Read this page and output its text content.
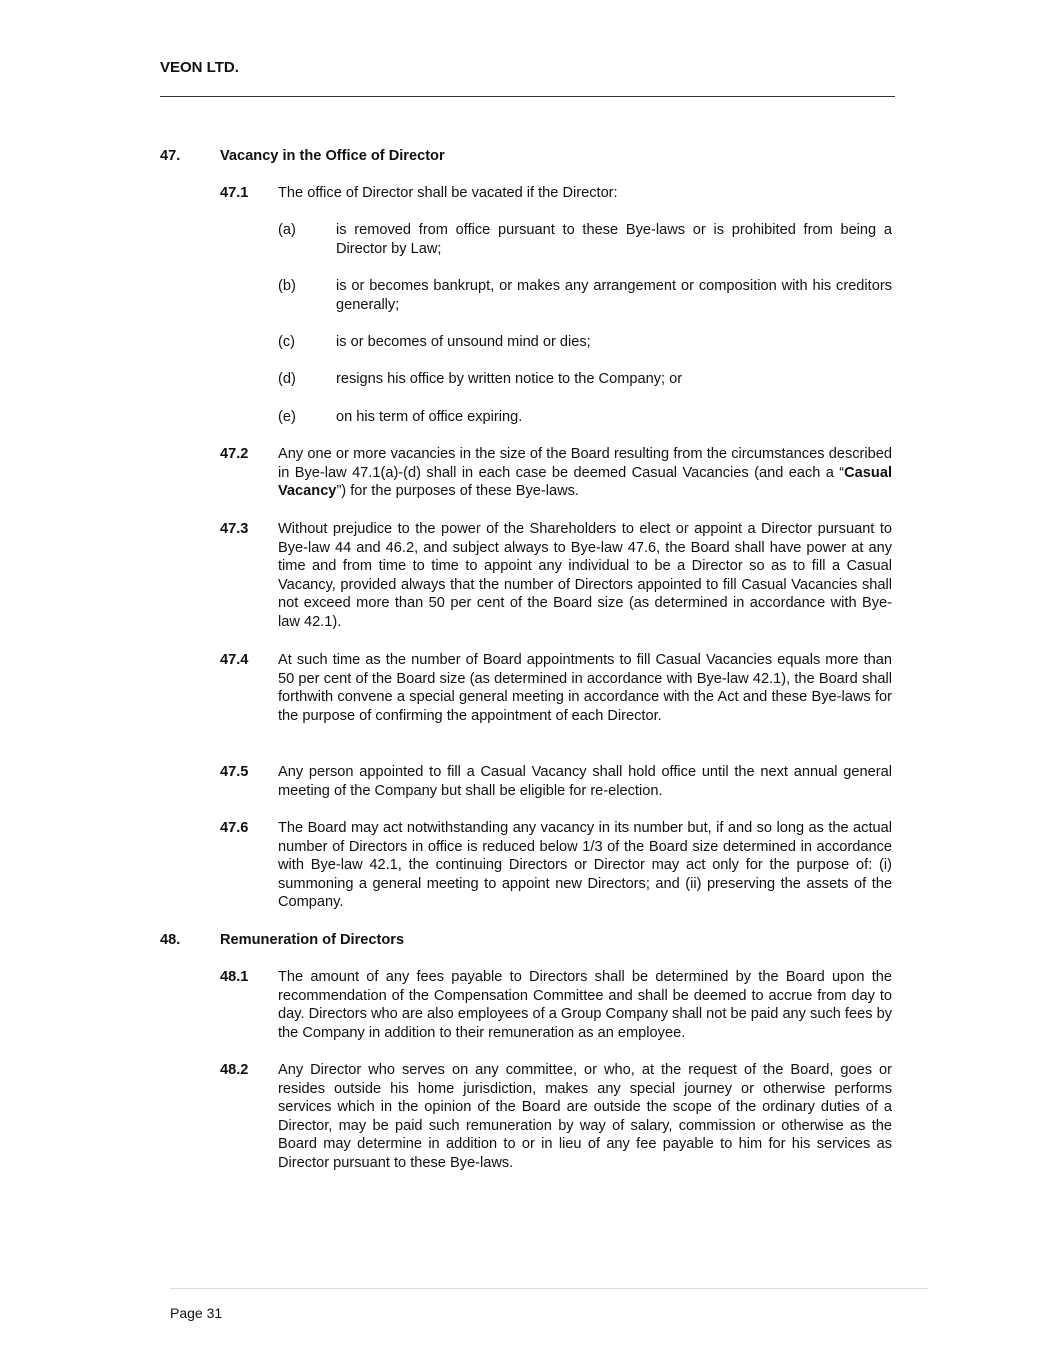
VEON LTD.
47.	Vacancy in the Office of Director
47.1 The office of Director shall be vacated if the Director:
(a)	is removed from office pursuant to these Bye-laws or is prohibited from being a Director by Law;
(b)	is or becomes bankrupt, or makes any arrangement or composition with his creditors generally;
(c)	is or becomes of unsound mind or dies;
(d)	resigns his office by written notice to the Company; or
(e)	on his term of office expiring.
47.2 Any one or more vacancies in the size of the Board resulting from the circumstances described in Bye-law 47.1(a)-(d) shall in each case be deemed Casual Vacancies (and each a “Casual Vacancy”) for the purposes of these Bye-laws.
47.3 Without prejudice to the power of the Shareholders to elect or appoint a Director pursuant to Bye-law 44 and 46.2, and subject always to Bye-law 47.6, the Board shall have power at any time and from time to time to appoint any individual to be a Director so as to fill a Casual Vacancy, provided always that the number of Directors appointed to fill Casual Vacancies shall not exceed more than 50 per cent of the Board size (as determined in accordance with Bye-law 42.1).
47.4 At such time as the number of Board appointments to fill Casual Vacancies equals more than 50 per cent of the Board size (as determined in accordance with Bye-law 42.1), the Board shall forthwith convene a special general meeting in accordance with the Act and these Bye-laws for the purpose of confirming the appointment of each Director.
47.5 Any person appointed to fill a Casual Vacancy shall hold office until the next annual general meeting of the Company but shall be eligible for re-election.
47.6 The Board may act notwithstanding any vacancy in its number but, if and so long as the actual number of Directors in office is reduced below 1/3 of the Board size determined in accordance with Bye-law 42.1, the continuing Directors or Director may act only for the purpose of: (i) summoning a general meeting to appoint new Directors; and (ii) preserving the assets of the Company.
48.	Remuneration of Directors
48.1 The amount of any fees payable to Directors shall be determined by the Board upon the recommendation of the Compensation Committee and shall be deemed to accrue from day to day. Directors who are also employees of a Group Company shall not be paid any such fees by the Company in addition to their remuneration as an employee.
48.2 Any Director who serves on any committee, or who, at the request of the Board, goes or resides outside his home jurisdiction, makes any special journey or otherwise performs services which in the opinion of the Board are outside the scope of the ordinary duties of a Director, may be paid such remuneration by way of salary, commission or otherwise as the Board may determine in addition to or in lieu of any fee payable to him for his services as Director pursuant to these Bye-laws.
Page 31
